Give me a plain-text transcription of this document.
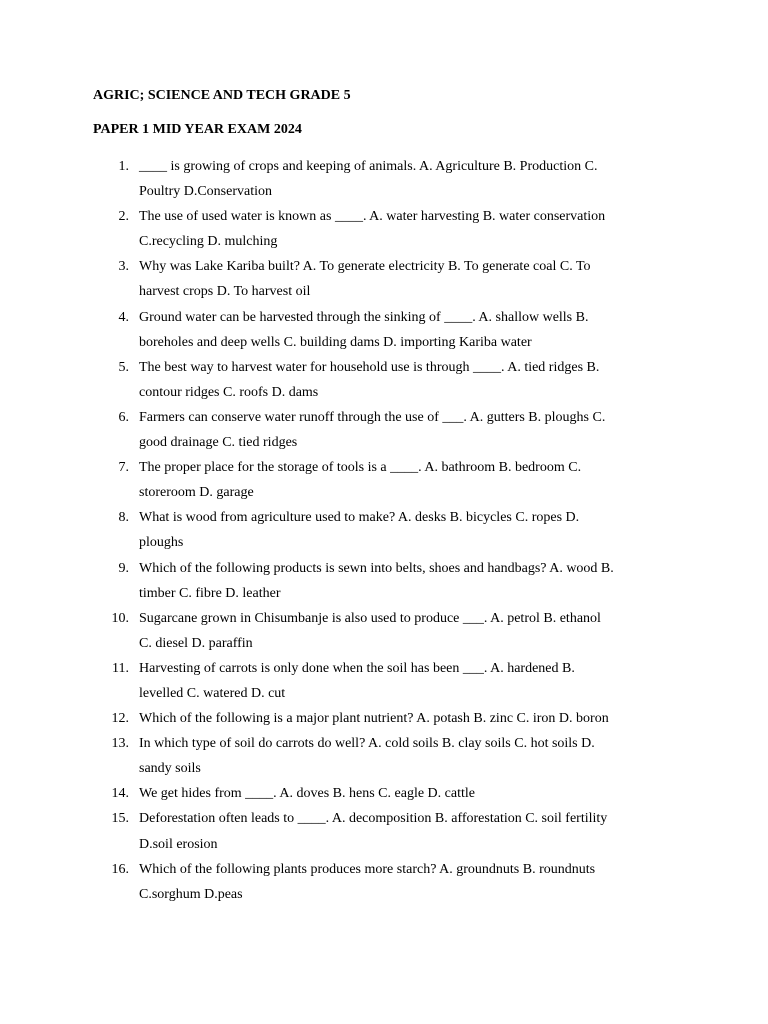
AGRIC; SCIENCE AND TECH GRADE 5
PAPER 1 MID YEAR EXAM 2024
1. ____ is growing of crops and keeping of animals. A. Agriculture B. Production C.
Poultry D.Conservation
2. The use of used water is known as ____. A. water harvesting B. water conservation
C.recycling D. mulching
3. Why was Lake Kariba built? A. To generate electricity B. To generate coal C. To
harvest crops D. To harvest oil
4. Ground water can be harvested through the sinking of ____. A. shallow wells B.
boreholes and deep wells C. building dams D. importing Kariba water
5. The best way to harvest water for household use is through ____. A. tied ridges B.
contour ridges C. roofs D. dams
6. Farmers can conserve water runoff through the use of ___. A. gutters B. ploughs C.
good drainage C. tied ridges
7. The proper place for the storage of tools is a ____. A. bathroom B. bedroom C.
storeroom D. garage
8. What is wood from agriculture used to make? A. desks B. bicycles C. ropes D.
ploughs
9. Which of the following products is sewn into belts, shoes and handbags? A. wood B.
timber C. fibre D. leather
10. Sugarcane grown in Chisumbanje is also used to produce ___. A. petrol B. ethanol
C. diesel D. paraffin
11. Harvesting of carrots is only done when the soil has been ___. A. hardened B.
levelled C. watered D. cut
12. Which of the following is a major plant nutrient? A. potash B. zinc C. iron D. boron
13. In which type of soil do carrots do well? A. cold soils B. clay soils C. hot soils D.
sandy soils
14. We get hides from ____. A. doves B. hens C. eagle D. cattle
15. Deforestation often leads to ____. A. decomposition B. afforestation C. soil fertility
D.soil erosion
16. Which of the following plants produces more starch? A. groundnuts B. roundnuts
C.sorghum D.peas
